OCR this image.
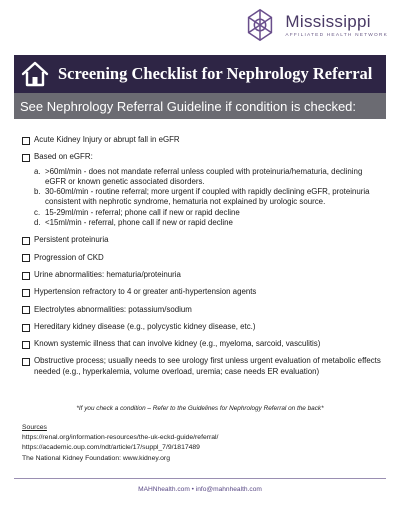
Mississippi
AFFILIATED HEALTH NETWORK
Screening Checklist for Nephrology Referral
See Nephrology Referral Guideline if condition is checked:
Acute Kidney Injury or abrupt fall in eGFR
Based on eGFR:
a. >60ml/min - does not mandate referral unless coupled with proteinuria/hematuria, declining eGFR or known genetic associated disorders.
b. 30-60ml/min - routine referral; more urgent if coupled with rapidly declining eGFR, proteinuria consistent with nephrotic syndrome, hematuria not explained by urologic source.
c. 15-29ml/min - referral; phone call if new or rapid decline
d. <15ml/min - referral, phone call if new or rapid decline
Persistent proteinuria
Progression of CKD
Urine abnormalities: hematuria/proteinuria
Hypertension refractory to 4 or greater anti-hypertension agents
Electrolytes abnormalities: potassium/sodium
Hereditary kidney disease (e.g., polycystic kidney disease, etc.)
Known systemic illness that can involve kidney (e.g., myeloma, sarcoid, vasculitis)
Obstructive process; usually needs to see urology first unless urgent evaluation of metabolic effects needed (e.g., hyperkalemia, volume overload, uremia; case needs ER evaluation)
*If you check a condition – Refer to the Guidelines for Nephrology Referral on the back*
Sources
https://renal.org/information-resources/the-uk-eckd-guide/referral/
https://academic.oup.com/ndt/article/17/suppl_7/9/1817489
The National Kidney Foundation: www.kidney.org
MAHNhealth.com • info@mahnhealth.com
